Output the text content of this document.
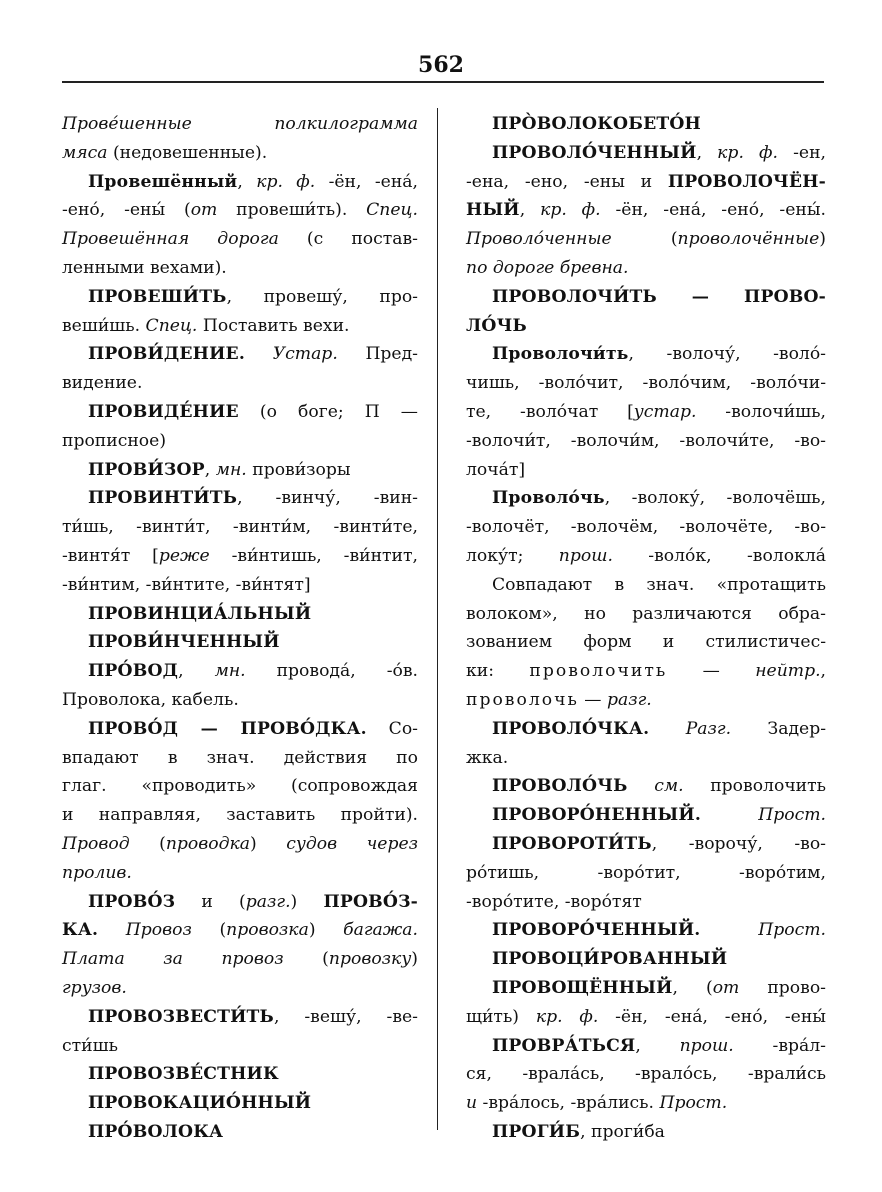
562

Прове́шенные полкилограмма
мяса (недовешенные).

Провешённый, кр. ф. -ён, -ена́,
-ено́, -ены́ (от провеши́ть). Спец.
Провешённая дорога (с постав-
ленными вехами).

ПРОВЕШИ́ТЬ, провешу́, про-
веши́шь. Спец. Поставить вехи.

ПРОВИ́ДЕНИЕ. Устар. Пред-
видение.

ПРОВИДЕ́НИЕ (о боге; П —
прописное)

ПРОВИ́ЗОР, мн. прови́зоры

ПРОВИНТИ́ТЬ, -винчу́, -вин-
ти́шь, -винти́т, -винти́м, -винти́те,
-винтя́т [реже -ви́нтишь, -ви́нтит,
-ви́нтим, -ви́нтите, -ви́нтят]

ПРОВИНЦИА́ЛЬНЫЙ

ПРОВИ́НЧЕННЫЙ

ПРО́ВОД, мн. провода́, -о́в.
Проволока, кабель.

ПРОВО́Д — ПРОВО́ДКА. Со-
впадают в знач. действия по
глаг. «проводить» (сопровождая
и направляя, заставить пройти).
Провод (проводка) судов через
пролив.

ПРОВО́З и (разг.) ПРОВО́З-
КА. Провоз (провозка) багажа.
Плата за провоз (провозку)
грузов.

ПРОВОЗВЕСТИ́ТЬ, -вешу́, -ве-
сти́шь

ПРОВОЗВЕ́СТНИК

ПРОВОКАЦИО́ННЫЙ

ПРО́ВОЛОКА

ПРО̀ВОЛОКОБЕТО́Н

ПРОВОЛО́ЧЕННЫЙ, кр. ф. -ен,
-ена, -ено, -ены и ПРОВОЛОЧЁН-
НЫЙ, кр. ф. -ён, -ена́, -ено́, -ены́.
Проволо́ченные (проволочённые)
по дороге бревна.

ПРОВОЛОЧИ́ТЬ — ПРОВО-
ЛО́ЧЬ

Проволочи́ть, -волочу́, -воло́-
чишь, -воло́чит, -воло́чим, -воло́чи-
те, -воло́чат [устар. -волочи́шь,
-волочи́т, -волочи́м, -волочи́те, -во-
лоча́т]

Проволо́чь, -волоку́, -волочёшь,
-волочёт, -волочём, -волочёте, -во-
локу́т; прош. -воло́к, -волокла́

Совпадают в знач. «протащить
волоком», но различаются обра-
зованием форм и стилистичес-
ки: проволочить — нейтр.,
проволочь — разг.

ПРОВОЛО́ЧКА. Разг. Задер-
жка.

ПРОВОЛО́ЧЬ см. проволочить

ПРОВОРО́НЕННЫЙ.	Прост.

ПРОВОРОТИ́ТЬ, -ворочу́, -во-
ро́тишь, -воро́тит, -воро́тим,
-воро́тите, -воро́тят

ПРОВОРО́ЧЕННЫЙ.	Прост.

ПРОВОЦИ́РОВАННЫЙ

ПРОВОЩЁННЫЙ, (от прово-
щи́ть) кр. ф. -ён, -ена́, -ено́, -ены́

ПРОВРА́ТЬСЯ, прош. -вра́л-
ся, -врала́сь, -врало́сь, -врали́сь
и -вра́лось, -вра́лись. Прост.

ПРОГИ́Б, проги́ба
